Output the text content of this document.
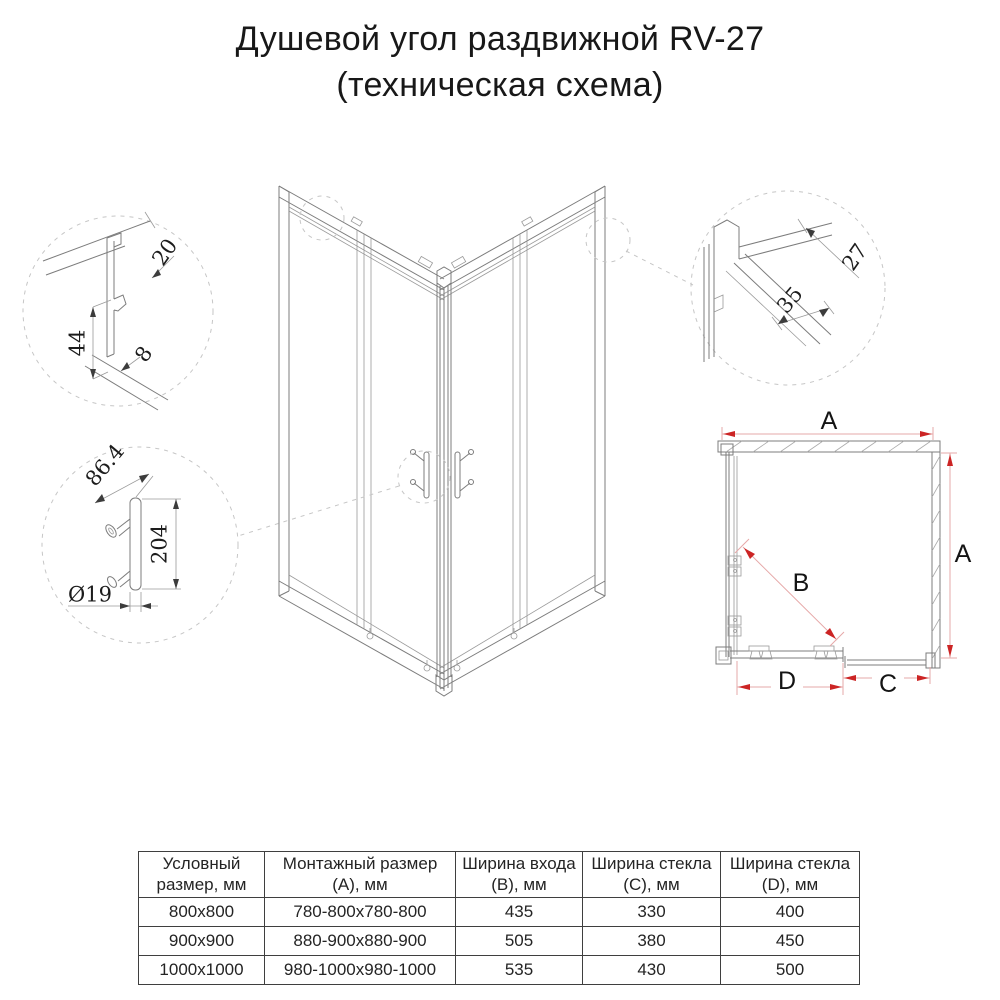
Душевой угол раздвижной RV-27
(техническая схема)
20
44 8
27
35
86.4
204
Ø19
A
A
B
D	C
Условный размер, мм	Монтажный размер (A), мм	Ширина входа (B), мм	Ширина стекла (C), мм	Ширина стекла (D), мм
800x800	780-800x780-800	435	330	400
900x900	880-900x880-900	505	380	450
1000x1000	980-1000x980-1000	535	430	500
